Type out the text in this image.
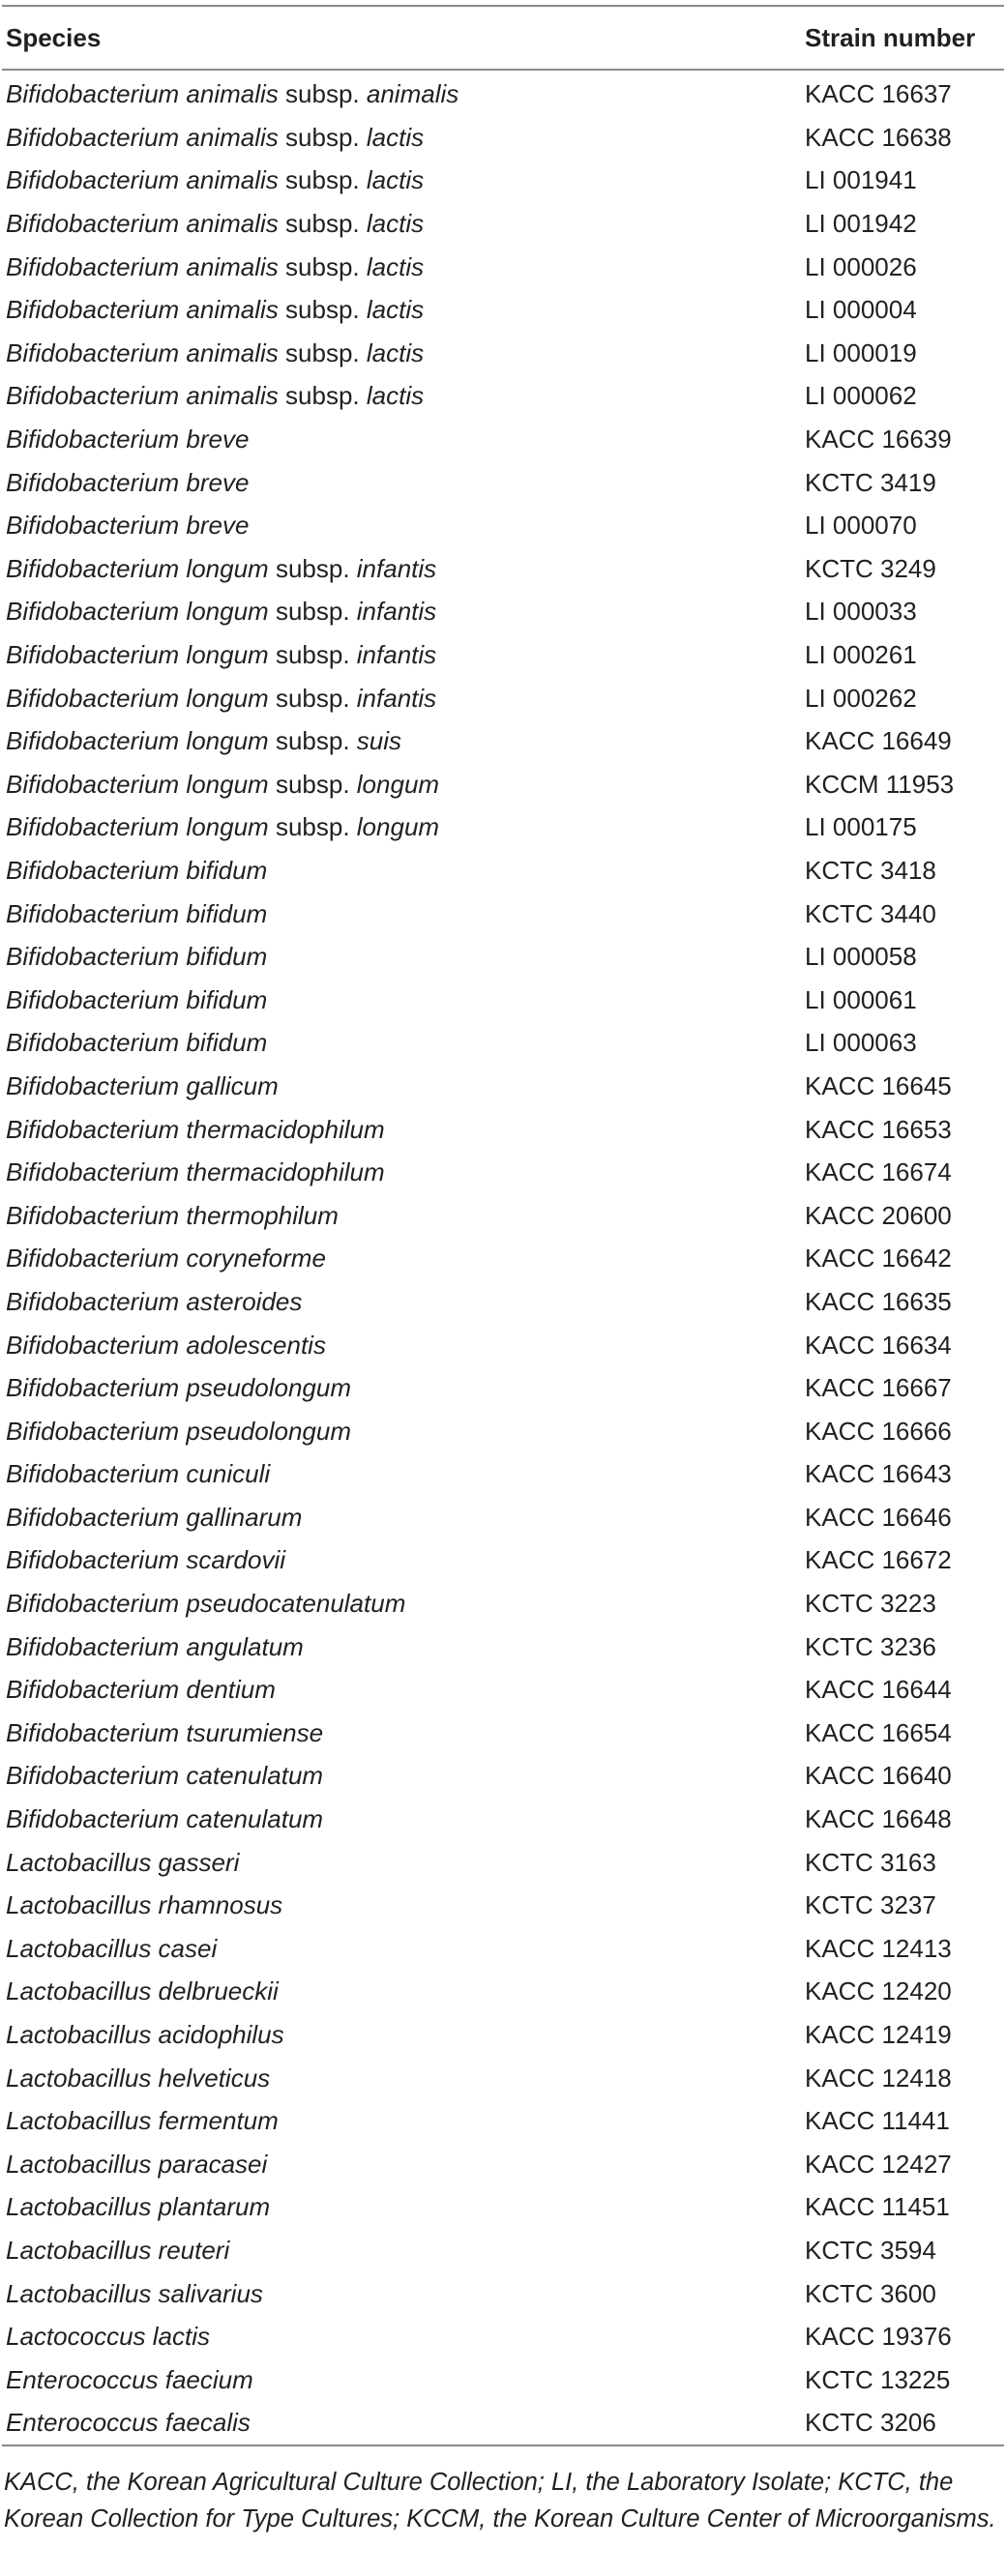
Species	Strain number
Bifidobacterium animalis subsp. animalis	KACC 16637
Bifidobacterium animalis subsp. lactis	KACC 16638
Bifidobacterium animalis subsp. lactis	LI 001941
Bifidobacterium animalis subsp. lactis	LI 001942
Bifidobacterium animalis subsp. lactis	LI 000026
Bifidobacterium animalis subsp. lactis	LI 000004
Bifidobacterium animalis subsp. lactis	LI 000019
Bifidobacterium animalis subsp. lactis	LI 000062
Bifidobacterium breve	KACC 16639
Bifidobacterium breve	KCTC 3419
Bifidobacterium breve	LI 000070
Bifidobacterium longum subsp. infantis	KCTC 3249
Bifidobacterium longum subsp. infantis	LI 000033
Bifidobacterium longum subsp. infantis	LI 000261
Bifidobacterium longum subsp. infantis	LI 000262
Bifidobacterium longum subsp. suis	KACC 16649
Bifidobacterium longum subsp. longum	KCCM 11953
Bifidobacterium longum subsp. longum	LI 000175
Bifidobacterium bifidum	KCTC 3418
Bifidobacterium bifidum	KCTC 3440
Bifidobacterium bifidum	LI 000058
Bifidobacterium bifidum	LI 000061
Bifidobacterium bifidum	LI 000063
Bifidobacterium gallicum	KACC 16645
Bifidobacterium thermacidophilum	KACC 16653
Bifidobacterium thermacidophilum	KACC 16674
Bifidobacterium thermophilum	KACC 20600
Bifidobacterium coryneforme	KACC 16642
Bifidobacterium asteroides	KACC 16635
Bifidobacterium adolescentis	KACC 16634
Bifidobacterium pseudolongum	KACC 16667
Bifidobacterium pseudolongum	KACC 16666
Bifidobacterium cuniculi	KACC 16643
Bifidobacterium gallinarum	KACC 16646
Bifidobacterium scardovii	KACC 16672
Bifidobacterium pseudocatenulatum	KCTC 3223
Bifidobacterium angulatum	KCTC 3236
Bifidobacterium dentium	KACC 16644
Bifidobacterium tsurumiense	KACC 16654
Bifidobacterium catenulatum	KACC 16640
Bifidobacterium catenulatum	KACC 16648
Lactobacillus gasseri	KCTC 3163
Lactobacillus rhamnosus	KCTC 3237
Lactobacillus casei	KACC 12413
Lactobacillus delbrueckii	KACC 12420
Lactobacillus acidophilus	KACC 12419
Lactobacillus helveticus	KACC 12418
Lactobacillus fermentum	KACC 11441
Lactobacillus paracasei	KACC 12427
Lactobacillus plantarum	KACC 11451
Lactobacillus reuteri	KCTC 3594
Lactobacillus salivarius	KCTC 3600
Lactococcus lactis	KACC 19376
Enterococcus faecium	KCTC 13225
Enterococcus faecalis	KCTC 3206

KACC, the Korean Agricultural Culture Collection; LI, the Laboratory Isolate; KCTC, the Korean Collection for Type Cultures; KCCM, the Korean Culture Center of Microorganisms.
